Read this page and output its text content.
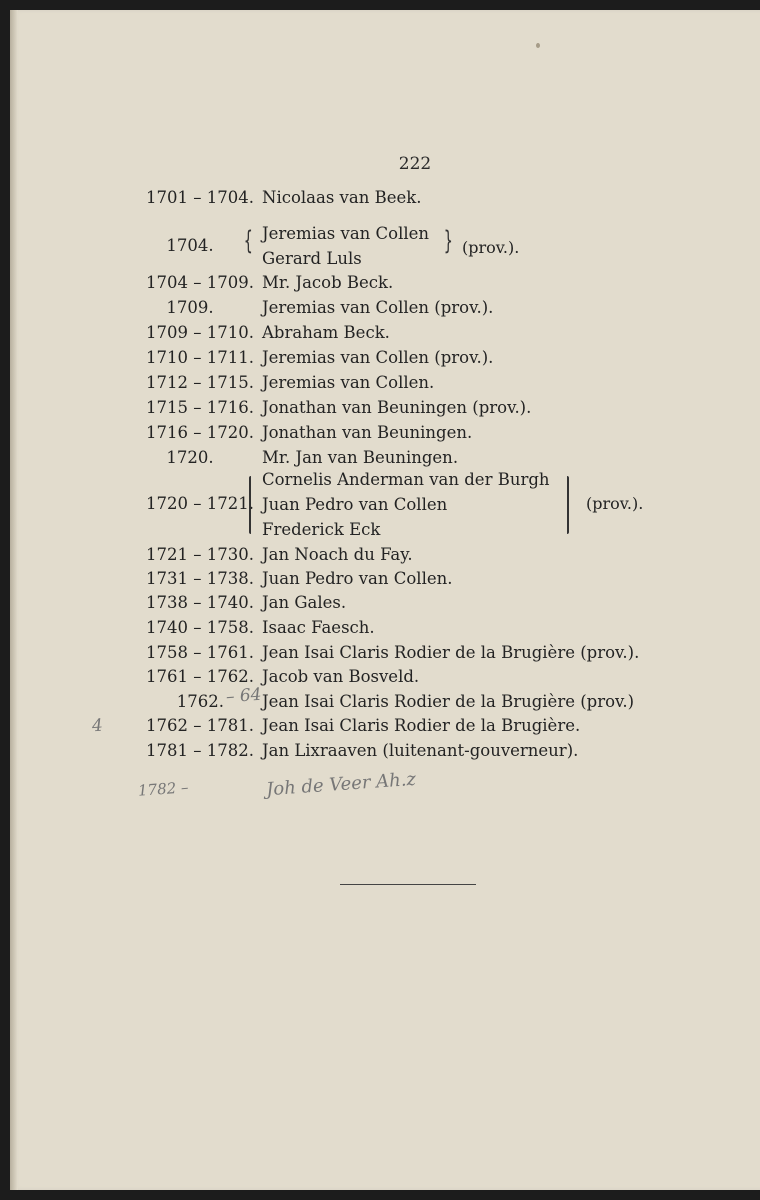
222
1701 – 1704. Nicolaas van Beek.
1704.	{ Jeremias van Collen
Gerard Luls
} (prov.).
1704 – 1709. Mr. Jacob Beck.
1709.	Jeremias van Collen (prov.).
1709 – 1710. Abraham Beck.
1710 – 1711. Jeremias van Collen (prov.).
1712 – 1715. Jeremias van Collen.
1715 – 1716. Jonathan van Beuningen (prov.).
1716 – 1720. Jonathan van Beuningen.
1720.	Mr. Jan van Beuningen.
1720 – 1721.
Cornelis Anderman van der Burgh
Juan Pedro van Collen
Frederick Eck
(prov.).
1721 – 1730. Jan Noach du Fay.
1731 – 1738. Juan Pedro van Collen.
1738 – 1740. Jan Gales.
1740 – 1758. Isaac Faesch.
1758 – 1761. Jean Isai Claris Rodier de la Brugière (prov.).
1761 – 1762. Jacob van Bosveld.
1762. – 64 Jean Isai Claris Rodier de la Brugière (prov.)
4	1762 – 1781. Jean Isai Claris Rodier de la Brugière.
1781 – 1782. Jan Lixraaven (luitenant-gouverneur).
1782 –	Joh de Veer Ah.z
